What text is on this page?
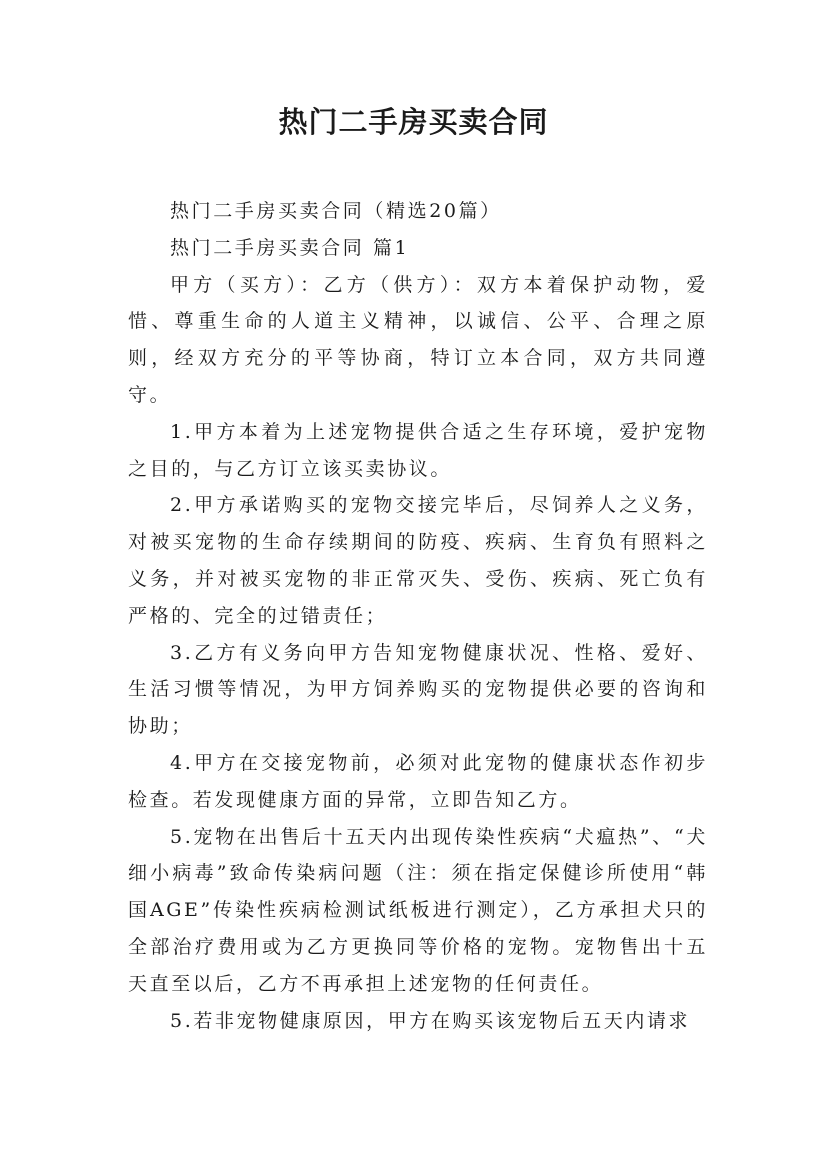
热门二手房买卖合同

热门二手房买卖合同（精选20篇）

热门二手房买卖合同 篇1

甲方（买方）：乙方（供方）：双方本着保护动物，爱惜、尊重生命的人道主义精神，以诚信、公平、合理之原则，经双方充分的平等协商，特订立本合同，双方共同遵守。

1.甲方本着为上述宠物提供合适之生存环境，爱护宠物之目的，与乙方订立该买卖协议。

2.甲方承诺购买的宠物交接完毕后，尽饲养人之义务，对被买宠物的生命存续期间的防疫、疾病、生育负有照料之义务，并对被买宠物的非正常灭失、受伤、疾病、死亡负有严格的、完全的过错责任；

3.乙方有义务向甲方告知宠物健康状况、性格、爱好、生活习惯等情况，为甲方饲养购买的宠物提供必要的咨询和协助；

4.甲方在交接宠物前，必须对此宠物的健康状态作初步检查。若发现健康方面的异常，立即告知乙方。

5.宠物在出售后十五天内出现传染性疾病“犬瘟热”、“犬细小病毒”致命传染病问题（注：须在指定保健诊所使用“韩国AGE”传染性疾病检测试纸板进行测定），乙方承担犬只的全部治疗费用或为乙方更换同等价格的宠物。宠物售出十五天直至以后，乙方不再承担上述宠物的任何责任。

5.若非宠物健康原因，甲方在购买该宠物后五天内请求
